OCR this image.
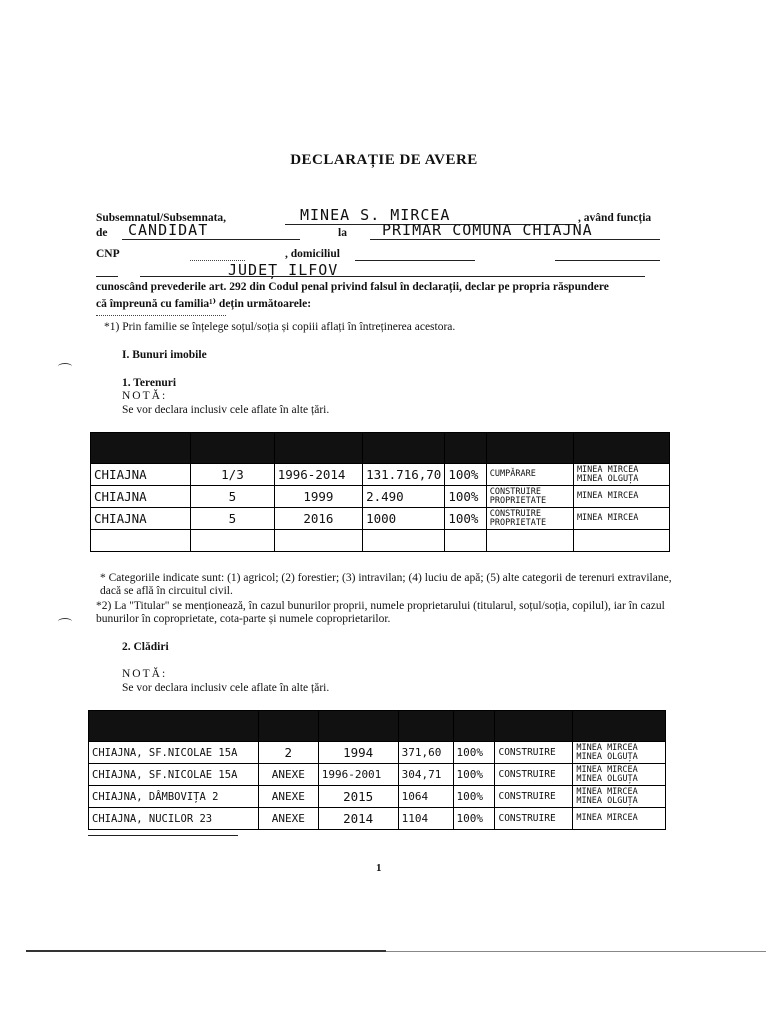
DECLARAȚIE DE AVERE
Subsemnatul/Subsemnata,	MINEA S. MIRCEA	, având funcția
de CANDIDAT	la PRIMAR COMUNA CHIAJNA
CNP	, domiciliul
JUDEȚ ILFOV
cunoscând prevederile art. 292 din Codul penal privind falsul în declarații, declar pe propria răspundere
că împreună cu familia¹⁾ dețin următoarele:
*1) Prin familie se înțelege soțul/soția și copiii aflați în întreținerea acestora.
I. Bunuri imobile
1. Terenuri
NOTĂ:
Se vor declara inclusiv cele aflate în alte țări.

CHIAJNA	1/3	1996-2014	131.716,70	100%	CUMPĂRARE	MINEA MIRCEA MINEA OLGUȚA
CHIAJNA	5	1999	2.490	100%	CONSTRUIRE PROPRIETATE	MINEA MIRCEA
CHIAJNA	5	2016	1000	100%	CONSTRUIRE PROPRIETATE	MINEA MIRCEA

* Categoriile indicate sunt: (1) agricol; (2) forestier; (3) intravilan; (4) luciu de apă; (5) alte categorii de terenuri extravilane, dacă se află în circuitul civil.
*2) La "Titular" se menționează, în cazul bunurilor proprii, numele proprietarului (titularul, soțul/soția, copilul), iar în cazul bunurilor în coproprietate, cota-parte și numele coproprietarilor.
2. Clădiri
NOTĂ:
Se vor declara inclusiv cele aflate în alte țări.

CHIAJNA, SF.NICOLAE 15A	2	1994	371,60	100%	CONSTRUIRE	MINEA MIRCEA MINEA OLGUȚA
CHIAJNA, SF.NICOLAE 15A	ANEXE	1996-2001	304,71	100%	CONSTRUIRE	MINEA MIRCEA MINEA OLGUȚA
CHIAJNA, DÂMBOVIȚA 2	ANEXE	2015	1064	100%	CONSTRUIRE	MINEA MIRCEA MINEA OLGUȚA
CHIAJNA, NUCILOR 23	ANEXE	2014	1104	100%	CONSTRUIRE	MINEA MIRCEA
1
